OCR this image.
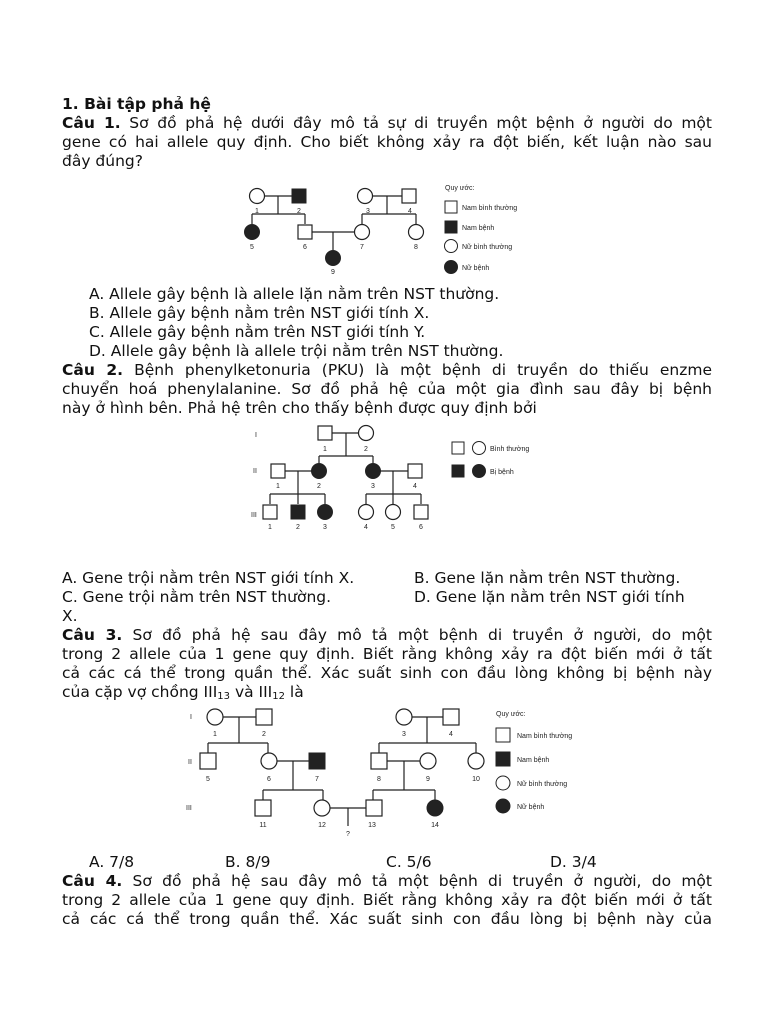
1. Bài tập phả hệ
Câu 1. Sơ đồ phả hệ dưới đây mô tả sự di truyền một bệnh ở người do một
gene có hai allele quy định. Cho biết không xảy ra đột biến, kết luận nào sau
đây đúng?
1	2	3	4
5	6	7	8
9
Quy ước:
Nam bình thường
Nam bệnh
Nữ bình thường
Nữ bệnh
A. Allele gây bệnh là allele lặn nằm trên NST thường.
B. Allele gây bệnh nằm trên NST giới tính X.
C. Allele gây bệnh nằm trên NST giới tính Y.
D. Allele gây bệnh là allele trội nằm trên NST thường.
Câu 2. Bệnh phenylketonuria (PKU) là một bệnh di truyền do thiếu enzme
chuyển hoá phenylalanine. Sơ đồ phả hệ của một gia đình sau đây bị bệnh
này ở hình bên. Phả hệ trên cho thấy bệnh được quy định bởi
I
II
III
1	2
1	2	3	4
1	2	3	4	5	6
Bình thường
Bị bệnh
A. Gene trội nằm trên NST giới tính X.	B. Gene lặn nằm trên NST thường.
C. Gene trội nằm trên NST thường.	D. Gene lặn nằm trên NST giới tính
X.
Câu 3. Sơ đồ phả hệ sau đây mô tả một bệnh di truyền ở người, do một
trong 2 allele của 1 gene quy định. Biết rằng không xảy ra đột biến mới ở tất
cả các cá thể trong quần thể. Xác suất sinh con đầu lòng không bị bệnh này
của cặp vợ chồng $III_{13}$ và $III_{12}$ là
I
II
III
1	2	3	4
5	6	7	8	9	10
11	12	13	14
?
Quy ước:
Nam bình thường
Nam bệnh
Nữ bình thường
Nữ bệnh
A. 7/8	B. 8/9	C. 5/6	D. 3/4
Câu 4. Sơ đồ phả hệ sau đây mô tả một bệnh di truyền ở người, do một
trong 2 allele của 1 gene quy định. Biết rằng không xảy ra đột biến mới ở tất
cả các cá thể trong quần thể. Xác suất sinh con đầu lòng bị bệnh này của
